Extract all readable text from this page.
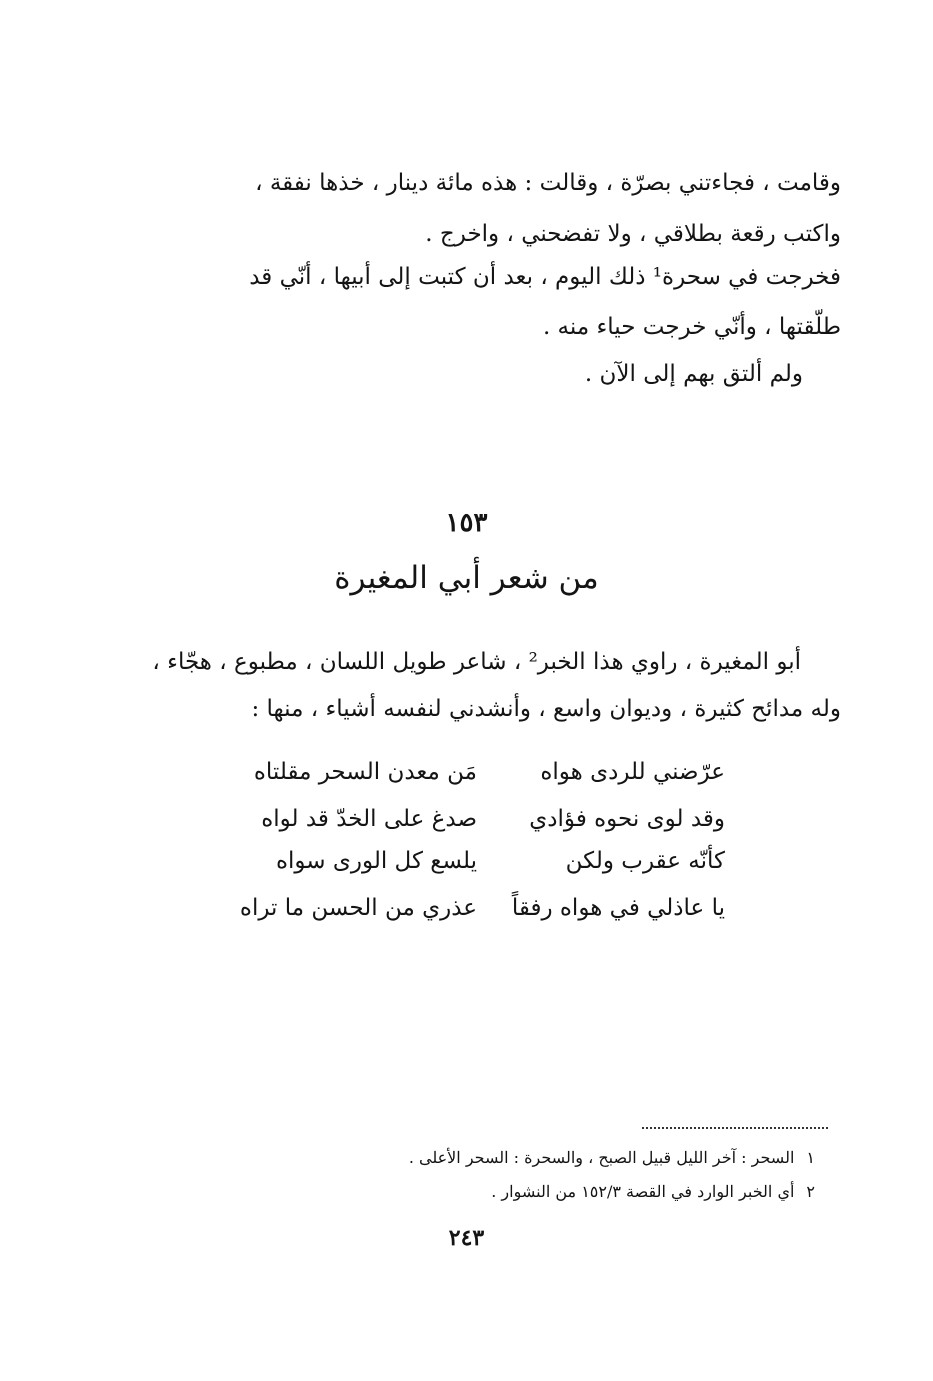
وقامت ، فجاءتني بصرّة ، وقالت : هذه مائة دينار ، خذها نفقة ،
واكتب رقعة بطلاقي ، ولا تفضحني ، واخرج .
فخرجت في سحرة¹ ذلك اليوم ، بعد أن كتبت إلى أبيها ، أنّي قد
طلّقتها ، وأنّي خرجت حياء منه .
ولم ألتق بهم إلى الآن .
١٥٣
من شعر أبي المغيرة
أبو المغيرة ، راوي هذا الخبر² ، شاعر طويل اللسان ، مطبوع ، هجّاء ،
وله مدائح كثيرة ، وديوان واسع ، وأنشدني لنفسه أشياء ، منها :
عرّضني للردى هواه
مَن معدن السحر مقلتاه
وقد لوى نحوه فؤادي
صدغ على الخدّ قد لواه
كأنّه عقرب ولكن
يلسع كل الورى سواه
يا عاذلي في هواه رفقاً
عذري من الحسن ما تراه
١السحر : آخر الليل قبيل الصبح ، والسحرة : السحر الأعلى .
٢أي الخبر الوارد في القصة ١٥٢/٣ من النشوار .
٢٤٣
